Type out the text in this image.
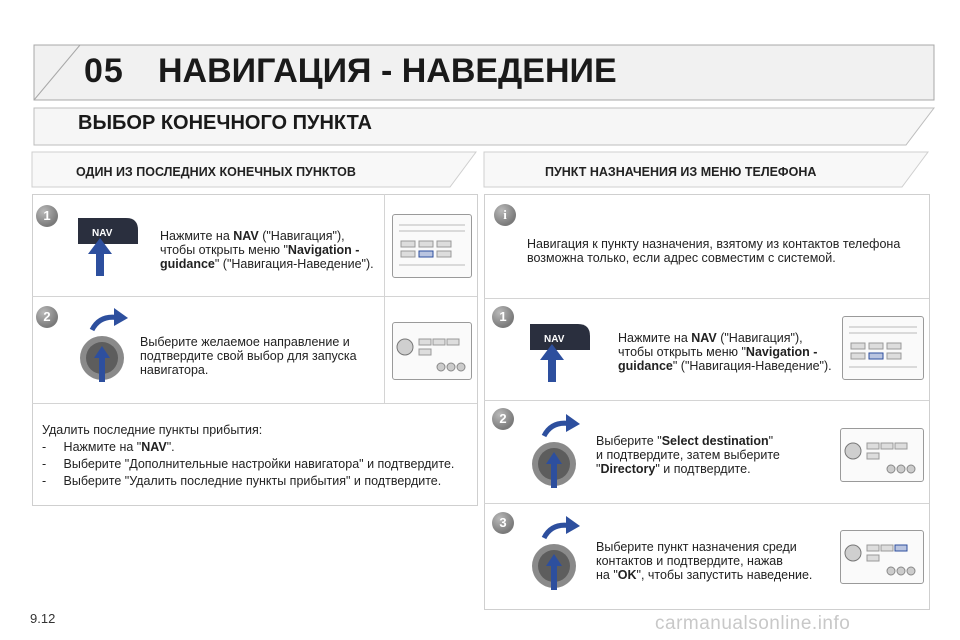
05 НАВИГАЦИЯ - НАВЕДЕНИЕ
ВЫБОР КОНЕЧНОГО ПУНКТА
ОДИН ИЗ ПОСЛЕДНИХ КОНЕЧНЫХ ПУНКТОВ	ПУНКТ НАЗНАЧЕНИЯ ИЗ МЕНЮ ТЕЛЕФОНА
1
NAV	Нажмите на NAV ("Навигация"),
чтобы открыть меню "Navigation -
guidance" ("Навигация-Наведение").
2
Выберите желаемое направление и
подтвердите свой выбор для запуска
навигатора.
Удалить последние пункты прибытия:
- Нажмите на "NAV".
- Выберите "Дополнительные настройки навигатора" и подтвердите.
- Выберите "Удалить последние пункты прибытия" и подтвердите.
i
Навигация к пункту назначения, взятому из контактов телефона
возможна только, если адрес совместим с системой.
1
NAV	Нажмите на NAV ("Навигация"),
чтобы открыть меню "Navigation -
guidance" ("Навигация-Наведение").
2
Выберите "Select destination"
и подтвердите, затем выберите
"Directory" и подтвердите.
3
Выберите пункт назначения среди
контактов и подтвердите, нажав
на "OK", чтобы запустить наведение.
9.12	carmanualsonline.info
